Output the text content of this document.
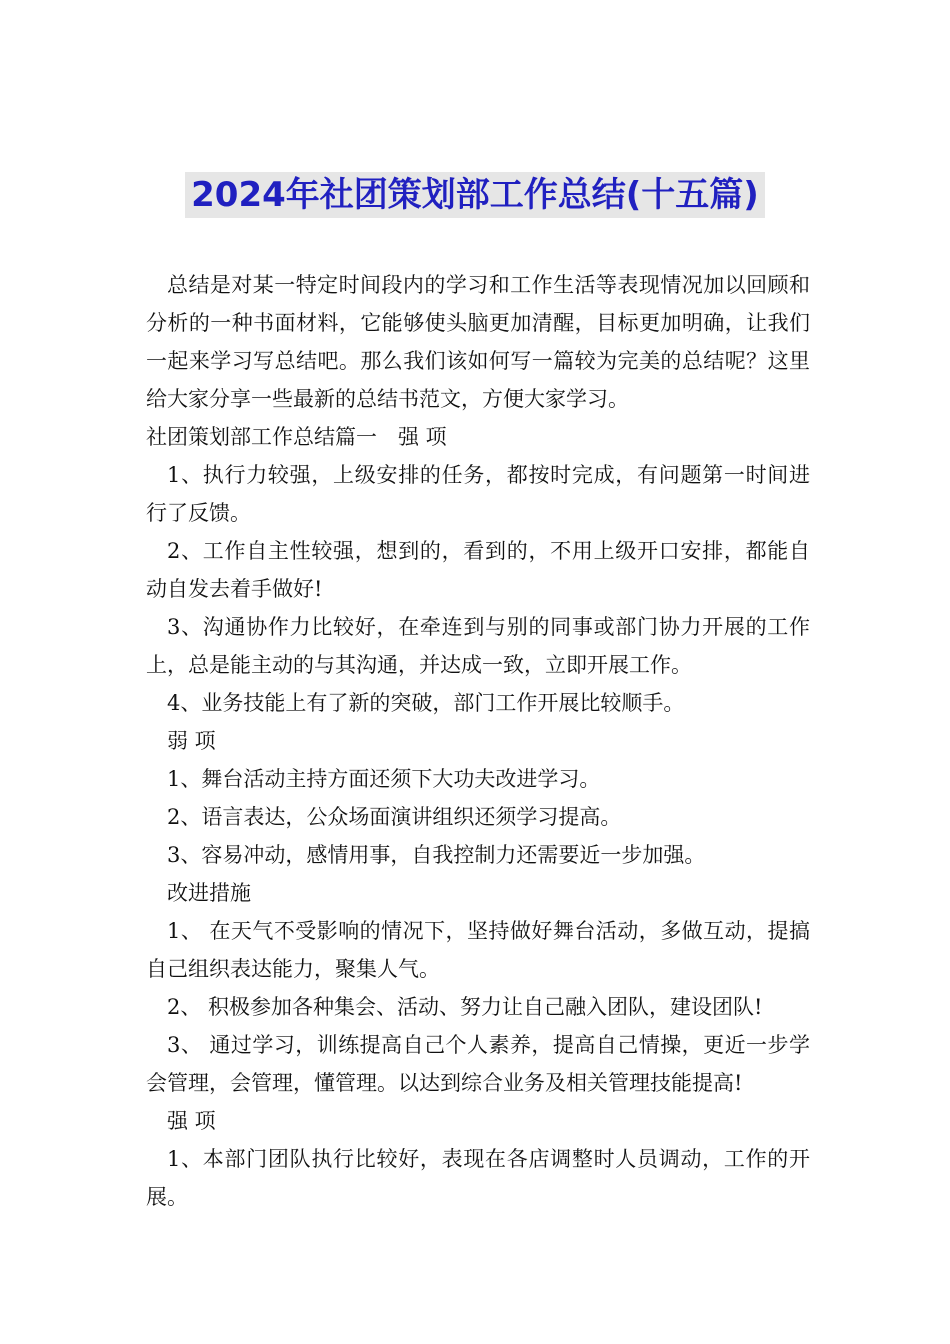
2024年社团策划部工作总结(十五篇)

总结是对某一特定时间段内的学习和工作生活等表现情况加以回顾和分析的一种书面材料，它能够使头脑更加清醒，目标更加明确，让我们一起来学习写总结吧。那么我们该如何写一篇较为完美的总结呢？这里给大家分享一些最新的总结书范文，方便大家学习。

社团策划部工作总结篇一　强 项

1、执行力较强，上级安排的任务，都按时完成，有问题第一时间进行了反馈。

2、工作自主性较强，想到的，看到的，不用上级开口安排，都能自动自发去着手做好!

3、沟通协作力比较好，在牵连到与别的同事或部门协力开展的工作上，总是能主动的与其沟通，并达成一致，立即开展工作。

4、业务技能上有了新的突破，部门工作开展比较顺手。

弱 项

1、舞台活动主持方面还须下大功夫改进学习。

2、语言表达，公众场面演讲组织还须学习提高。

3、容易冲动，感情用事，自我控制力还需要近一步加强。

改进措施

1、 在天气不受影响的情况下，坚持做好舞台活动，多做互动，提搞自己组织表达能力，聚集人气。

2、 积极参加各种集会、活动、努力让自己融入团队，建设团队!

3、 通过学习，训练提高自己个人素养，提高自己情操，更近一步学会管理，会管理，懂管理。以达到综合业务及相关管理技能提高!

强 项

1、本部门团队执行比较好，表现在各店调整时人员调动，工作的开展。
